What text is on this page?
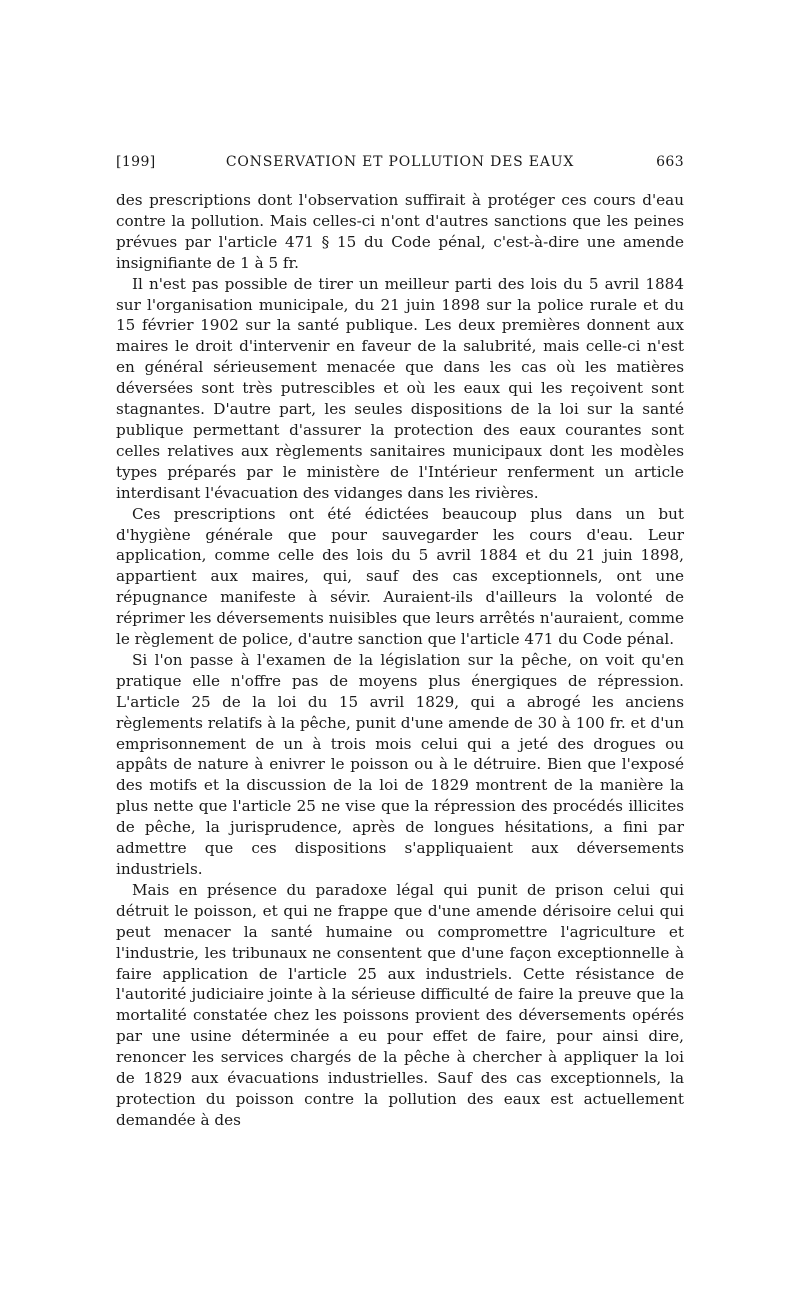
[199]	CONSERVATION ET POLLUTION DES EAUX	663

des prescriptions dont l'observation suffirait à protéger ces cours d'eau contre la pollution. Mais celles-ci n'ont d'autres sanctions que les peines prévues par l'article 471 § 15 du Code pénal, c'est-à-dire une amende insignifiante de 1 à 5 fr.

Il n'est pas possible de tirer un meilleur parti des lois du 5 avril 1884 sur l'organisation municipale, du 21 juin 1898 sur la police rurale et du 15 février 1902 sur la santé publique. Les deux premières donnent aux maires le droit d'intervenir en faveur de la salubrité, mais celle-ci n'est en général sérieusement menacée que dans les cas où les matières déversées sont très putrescibles et où les eaux qui les reçoivent sont stagnantes. D'autre part, les seules dispositions de la loi sur la santé publique permettant d'assurer la protection des eaux courantes sont celles relatives aux règlements sanitaires municipaux dont les modèles types préparés par le ministère de l'Intérieur renferment un article interdisant l'évacuation des vidanges dans les rivières.

Ces prescriptions ont été édictées beaucoup plus dans un but d'hygiène générale que pour sauvegarder les cours d'eau. Leur application, comme celle des lois du 5 avril 1884 et du 21 juin 1898, appartient aux maires, qui, sauf des cas exceptionnels, ont une répugnance manifeste à sévir. Auraient-ils d'ailleurs la volonté de réprimer les déversements nuisibles que leurs arrêtés n'auraient, comme le règlement de police, d'autre sanction que l'article 471 du Code pénal.

Si l'on passe à l'examen de la législation sur la pêche, on voit qu'en pratique elle n'offre pas de moyens plus énergiques de répression. L'article 25 de la loi du 15 avril 1829, qui a abrogé les anciens règlements relatifs à la pêche, punit d'une amende de 30 à 100 fr. et d'un emprisonnement de un à trois mois celui qui a jeté des drogues ou appâts de nature à enivrer le poisson ou à le détruire. Bien que l'exposé des motifs et la discussion de la loi de 1829 montrent de la manière la plus nette que l'article 25 ne vise que la répression des procédés illicites de pêche, la jurisprudence, après de longues hésitations, a fini par admettre que ces dispositions s'appliquaient aux déversements industriels.

Mais en présence du paradoxe légal qui punit de prison celui qui détruit le poisson, et qui ne frappe que d'une amende dérisoire celui qui peut menacer la santé humaine ou compromettre l'agriculture et l'industrie, les tribunaux ne consentent que d'une façon exceptionnelle à faire application de l'article 25 aux industriels. Cette résistance de l'autorité judiciaire jointe à la sérieuse difficulté de faire la preuve que la mortalité constatée chez les poissons provient des déversements opérés par une usine déterminée a eu pour effet de faire, pour ainsi dire, renoncer les services chargés de la pêche à chercher à appliquer la loi de 1829 aux évacuations industrielles. Sauf des cas exceptionnels, la protection du poisson contre la pollution des eaux est actuellement demandée à des
